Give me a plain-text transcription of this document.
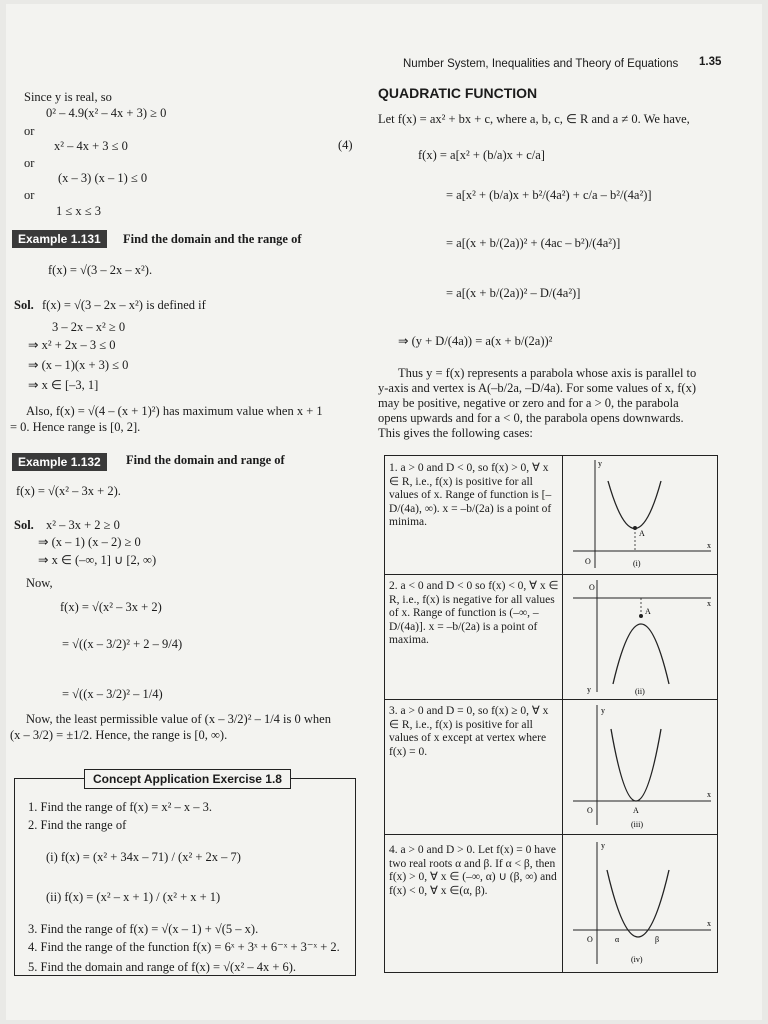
Number System, Inequalities and Theory of Equations 1.35
Since y is real, so
0² – 4.9(x² – 4x + 3) ≥ 0
or
x² – 4x + 3 ≤ 0	(4)
or
(x – 3) (x – 1) ≤ 0
or
1 ≤ x ≤ 3
Example 1.131	Find the domain and the range of
f(x) = √(3 – 2x – x²).
Sol. f(x) = √(3 – 2x – x²) is defined if
3 – 2x – x² ≥ 0
⇒ x² + 2x – 3 ≤ 0
⇒ (x – 1)(x + 3) ≤ 0
⇒ x ∈ [–3, 1]
Also, f(x) = √(4 – (x + 1)²) has maximum value when x + 1
= 0. Hence range is [0, 2].
Example 1.132	Find the domain and range of
f(x) = √(x² – 3x + 2).
Sol. x² – 3x + 2 ≥ 0
⇒ (x – 1) (x – 2) ≥ 0
⇒ x ∈ (–∞, 1] ∪ [2, ∞)
Now,
f(x) = √(x² – 3x + 2)
= √((x – 3/2)² + 2 – 9/4)
= √((x – 3/2)² – 1/4)
Now, the least permissible value of (x – 3/2)² – 1/4 is 0 when
(x – 3/2) = ±1/2. Hence, the range is [0, ∞).
Concept Application Exercise 1.8
1. Find the range of f(x) = x² – x – 3.
2. Find the range of
(i) f(x) = (x² + 34x – 71) / (x² + 2x – 7)
(ii) f(x) = (x² – x + 1) / (x² + x + 1)
3. Find the range of f(x) = √(x – 1) + √(5 – x).
4. Find the range of the function f(x) = 6ˣ + 3ˣ + 6⁻ˣ + 3⁻ˣ + 2.
5. Find the domain and range of f(x) = √(x² – 4x + 6).
QUADRATIC FUNCTION
Let f(x) = ax² + bx + c, where a, b, c, ∈ R and a ≠ 0. We have,
f(x) = a[x² + (b/a)x + c/a]
= a[x² + (b/a)x + b²/(4a²) + c/a – b²/(4a²)]
= a[(x + b/(2a))² + (4ac – b²)/(4a²)]
= a[(x + b/(2a))² – D/(4a²)]
⇒ (y + D/(4a)) = a(x + b/(2a))²
Thus y = f(x) represents a parabola whose axis is parallel to
y-axis and vertex is A(–b/2a, –D/4a). For some values of x, f(x)
may be positive, negative or zero and for a > 0, the parabola
opens upwards and for a < 0, the parabola opens downwards.
This gives the following cases:
1. a > 0 and D < 0, so f(x) > 0, ∀ x ∈ R, i.e., f(x) is positive for all values of x. Range of function is [–D/(4a), ∞). x = –b/(2a) is a point of minima.
O
x
y
A
(i)
2. a < 0 and D < 0 so f(x) < 0, ∀ x ∈ R, i.e., f(x) is negative for all values of x. Range of function is (–∞, –D/(4a)]. x = –b/(2a) is a point of maxima.
O
x
y
A
(ii)
3. a > 0 and D = 0, so f(x) ≥ 0, ∀ x ∈ R, i.e., f(x) is positive for all values of x except at vertex where f(x) = 0.
O
x
y
A
(iii)
4. a > 0 and D > 0. Let f(x) = 0 have two real roots α and β. If α < β, then f(x) > 0, ∀ x ∈ (–∞, α) ∪ (β, ∞) and f(x) < 0, ∀ x ∈(α, β).
O
x
y
α	β
(iv)
